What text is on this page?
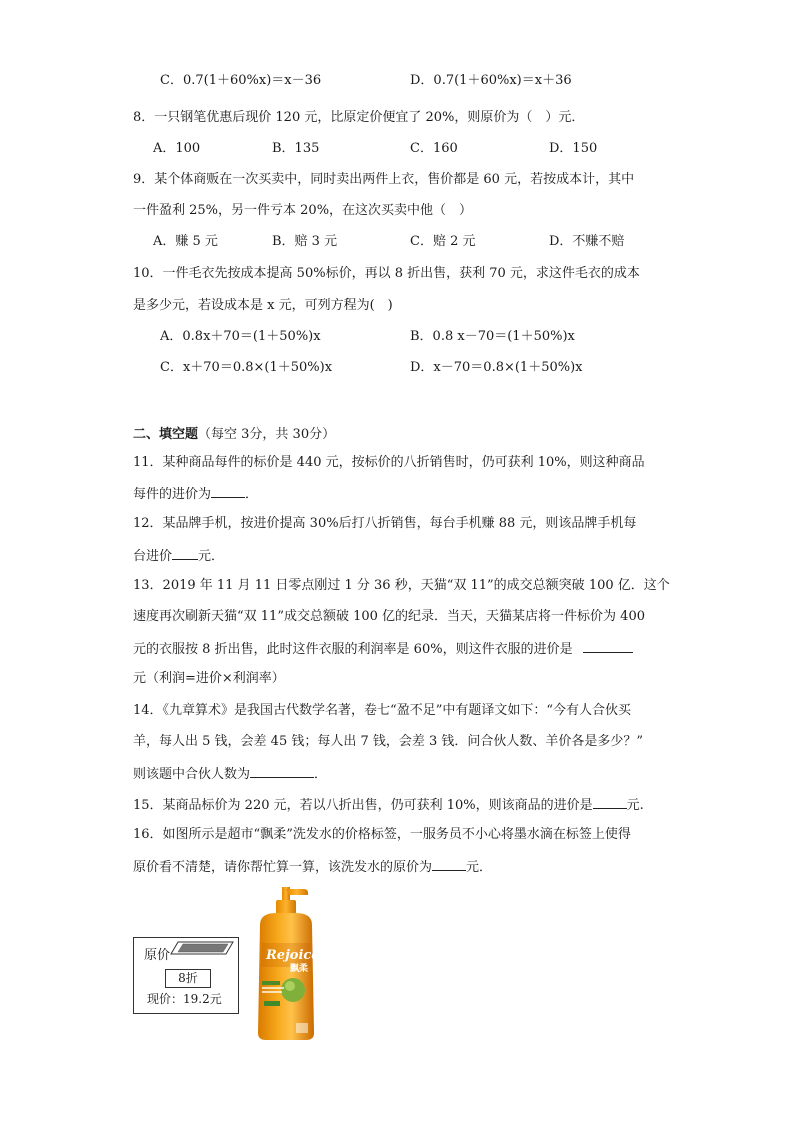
C．0.7(1＋60%x)＝x－36	D．0.7(1＋60%x)＝x＋36
8．一只钢笔优惠后现价 120 元，比原定价便宜了 20%，则原价为（　）元．
A．100	B．135	C．160	D．150
9．某个体商贩在一次买卖中，同时卖出两件上衣，售价都是 60 元，若按成本计，其中
一件盈利 25%，另一件亏本 20%，在这次买卖中他（　）
A．赚 5 元	B．赔 3 元	C．赔 2 元	D．不赚不赔
10．一件毛衣先按成本提高 50%标价，再以 8 折出售，获利 70 元，求这件毛衣的成本
是多少元，若设成本是 x 元，可列方程为(　)
A．0.8x＋70＝(1＋50%)x	B．0.8 x－70＝(1＋50%)x
C．x＋70＝0.8×(1＋50%)x	D．x－70＝0.8×(1＋50%)x
二、填空题（每空 3分，共 30分）
11．某种商品每件的标价是 440 元，按标价的八折销售时，仍可获利 10%，则这种商品
每件的进价为	．
12．某品牌手机，按进价提高 30%后打八折销售，每台手机赚 88 元，则该品牌手机每
台进价 元．
13．2019 年 11 月 11 日零点刚过 1 分 36 秒，天猫“双 11”的成交总额突破 100 亿．这个
速度再次刷新天猫“双 11”成交总额破 100 亿的纪录．当天，天猫某店将一件标价为 400
元的衣服按 8 折出售，此时这件衣服的利润率是 60%，则这件衣服的进价是
元（利润=进价×利润率）
14．《九章算术》是我国古代数学名著，卷七“盈不足”中有题译文如下：“今有人合伙买
羊，每人出 5 钱，会差 45 钱；每人出 7 钱，会差 3 钱．问合伙人数、羊价各是多少？”
则该题中合伙人数为	．
15．某商品标价为 220 元，若以八折出售，仍可获利 10%，则该商品的进价是	元.
16．如图所示是超市“飘柔”洗发水的价格标签，一服务员不小心将墨水滴在标签上使得
原价看不清楚，请你帮忙算一算，该洗发水的原价为	元．
原价
现价：19.2元
8折
Rejoice
飘柔
